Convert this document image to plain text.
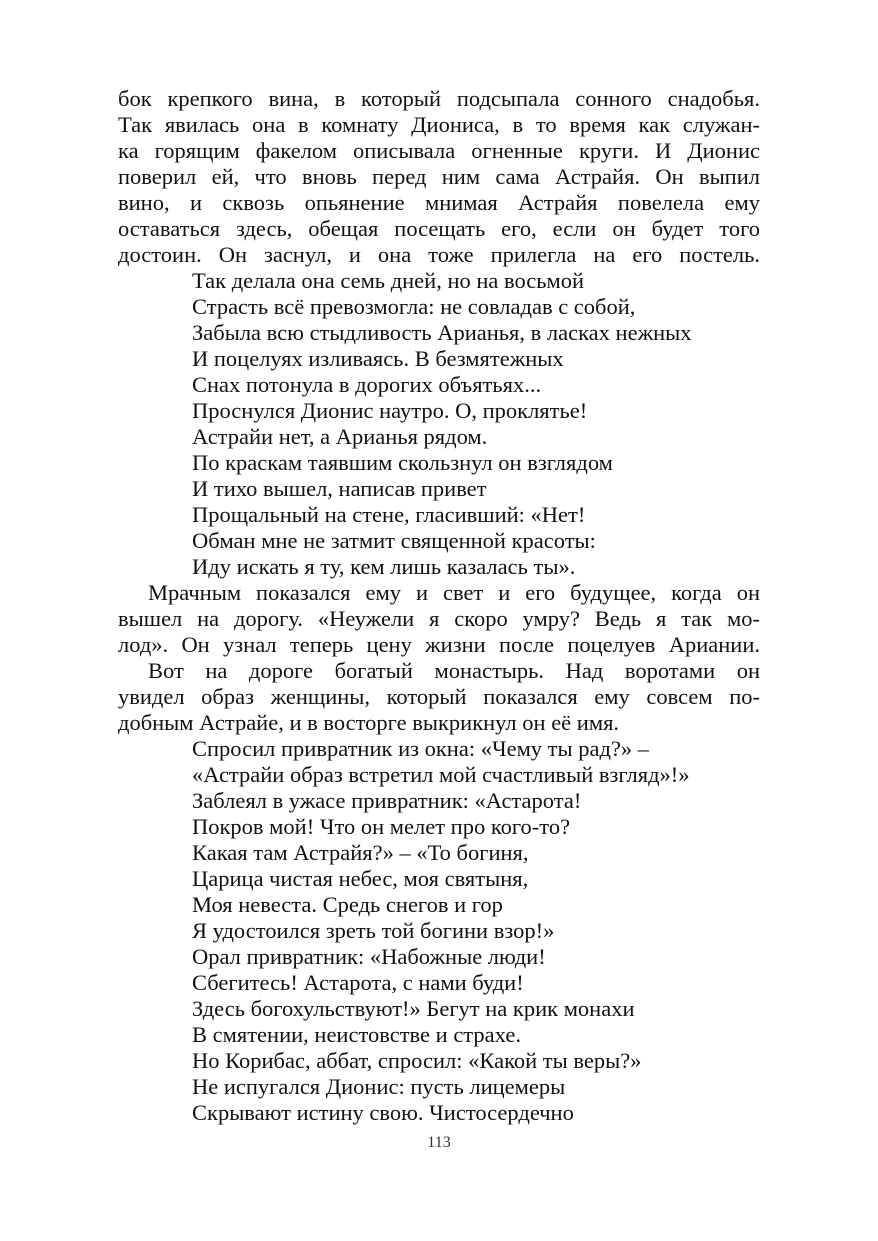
бок крепкого вина, в который подсыпала сонного снадобья.
Так явилась она в комнату Диониса, в то время как служан-
ка горящим факелом описывала огненные круги. И Дионис
поверил ей, что вновь перед ним сама Астрайя. Он выпил
вино, и сквозь опьянение мнимая Астрайя повелела ему
оставаться здесь, обещая посещать его, если он будет того
достоин. Он заснул, и она тоже прилегла на его постель.
Так делала она семь дней, но на восьмой
Страсть всё превозмогла: не совладав с собой,
Забыла всю стыдливость Арианья, в ласках нежных
И поцелуях изливаясь. В безмятежных
Снах потонула в дорогих объятьях...
Проснулся Дионис наутро. О, проклятье!
Астрайи нет, а Арианья рядом.
По краскам таявшим скользнул он взглядом
И тихо вышел, написав привет
Прощальный на стене, гласивший: «Нет!
Обман мне не затмит священной красоты:
Иду искать я ту, кем лишь казалась ты».
Мрачным показался ему и свет и его будущее, когда он
вышел на дорогу. «Неужели я скоро умру? Ведь я так мо-
лод». Он узнал теперь цену жизни после поцелуев Ариании.
Вот на дороге богатый монастырь. Над воротами он
увидел образ женщины, который показался ему совсем по-
добным Астрайе, и в восторге выкрикнул он её имя.
Спросил привратник из окна: «Чему ты рад?» –
«Астрайи образ встретил мой счастливый взгляд»!»
Заблеял в ужасе привратник: «Астарота!
Покров мой! Что он мелет про кого-то?
Какая там Астрайя?» – «То богиня,
Царица чистая небес, моя святыня,
Моя невеста. Средь снегов и гор
Я удостоился зреть той богини взор!»
Орал привратник: «Набожные люди!
Сбегитесь! Астарота, с нами буди!
Здесь богохульствуют!» Бегут на крик монахи
В смятении, неистовстве и страхе.
Но Корибас, аббат, спросил: «Какой ты веры?»
Не испугался Дионис: пусть лицемеры
Скрывают истину свою. Чистосердечно
113
